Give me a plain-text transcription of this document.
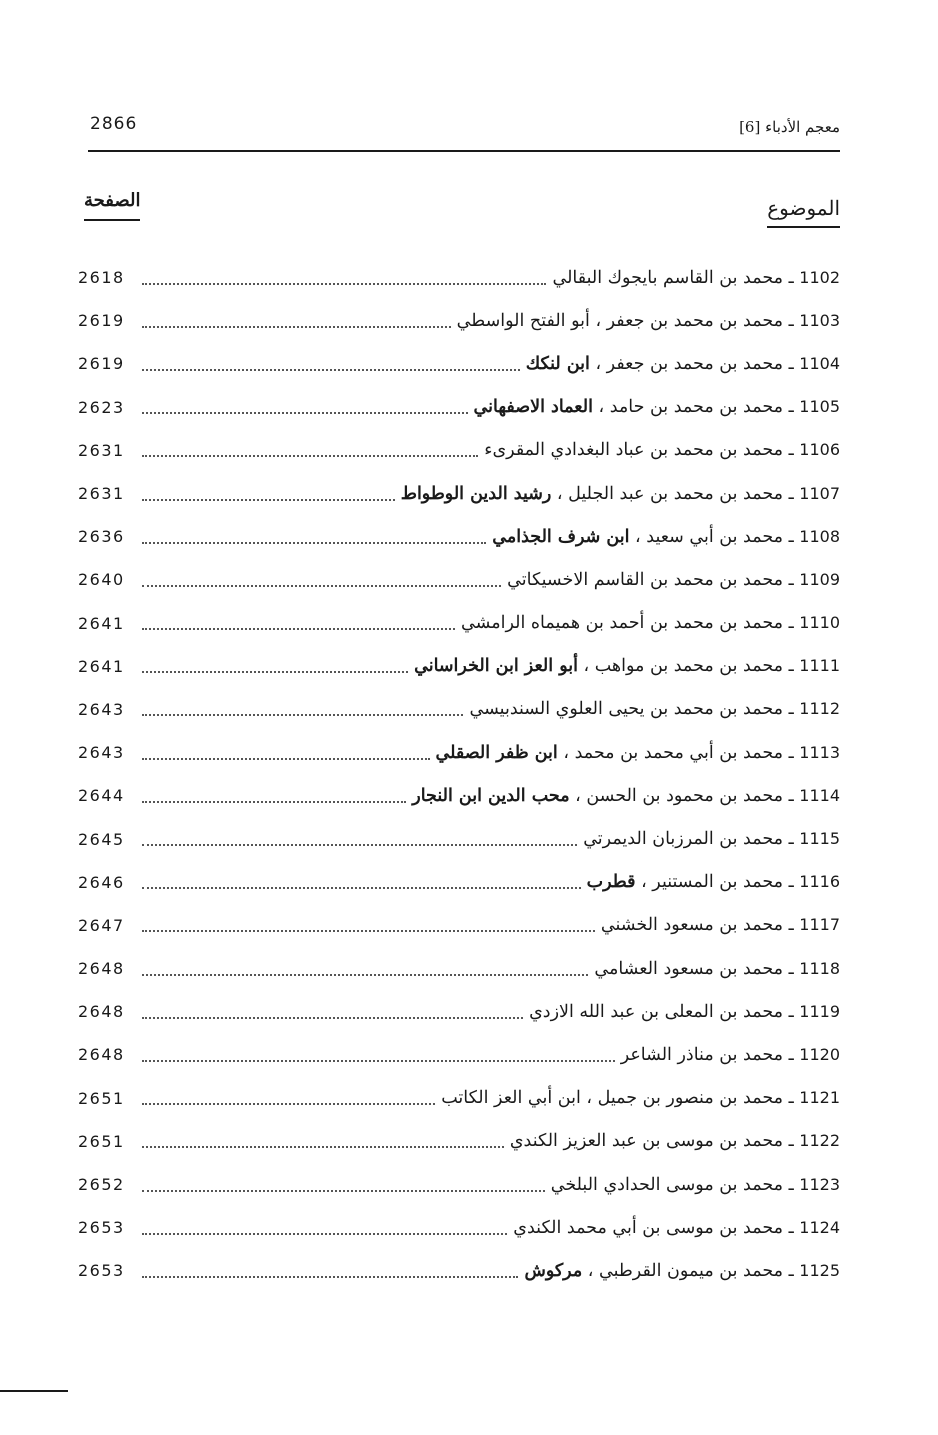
2866	معجم الأدباء [6]
الموضوع
الصفحة
2618	1102 ـ محمد بن القاسم بايجوك البقالي
2619	1103 ـ محمد بن محمد بن جعفر ، أبو الفتح الواسطي
2619	1104 ـ محمد بن محمد بن جعفر ، ابن لنكك
2623	1105 ـ محمد بن محمد بن حامد ، العماد الاصفهاني
2631	1106 ـ محمد بن محمد بن عباد البغدادي المقرىء
2631	1107 ـ محمد بن محمد بن عبد الجليل ، رشيد الدين الوطواط
2636	1108 ـ محمد بن أبي سعيد ، ابن شرف الجذامي
2640	1109 ـ محمد بن محمد بن القاسم الاخسيكاتي
2641	1110 ـ محمد بن محمد بن أحمد بن هميماه الرامشي
2641	1111 ـ محمد بن محمد بن مواهب ، أبو العز ابن الخراساني
2643	1112 ـ محمد بن محمد بن يحيى العلوي السندبيسي
2643	1113 ـ محمد بن أبي محمد بن محمد ، ابن ظفر الصقلي
2644	1114 ـ محمد بن محمود بن الحسن ، محب الدين ابن النجار
2645	1115 ـ محمد بن المرزبان الديمرتي
2646	1116 ـ محمد بن المستنير ، قطرب
2647	1117 ـ محمد بن مسعود الخشني
2648	1118 ـ محمد بن مسعود العشامي
2648	1119 ـ محمد بن المعلى بن عبد الله الازدي
2648	1120 ـ محمد بن مناذر الشاعر
2651	1121 ـ محمد بن منصور بن جميل ، ابن أبي العز الكاتب
2651	1122 ـ محمد بن موسى بن عبد العزيز الكندي
2652	1123 ـ محمد بن موسى الحدادي البلخي
2653	1124 ـ محمد بن موسى بن أبي محمد الكندي
2653	1125 ـ محمد بن ميمون القرطبي ، مركوش
